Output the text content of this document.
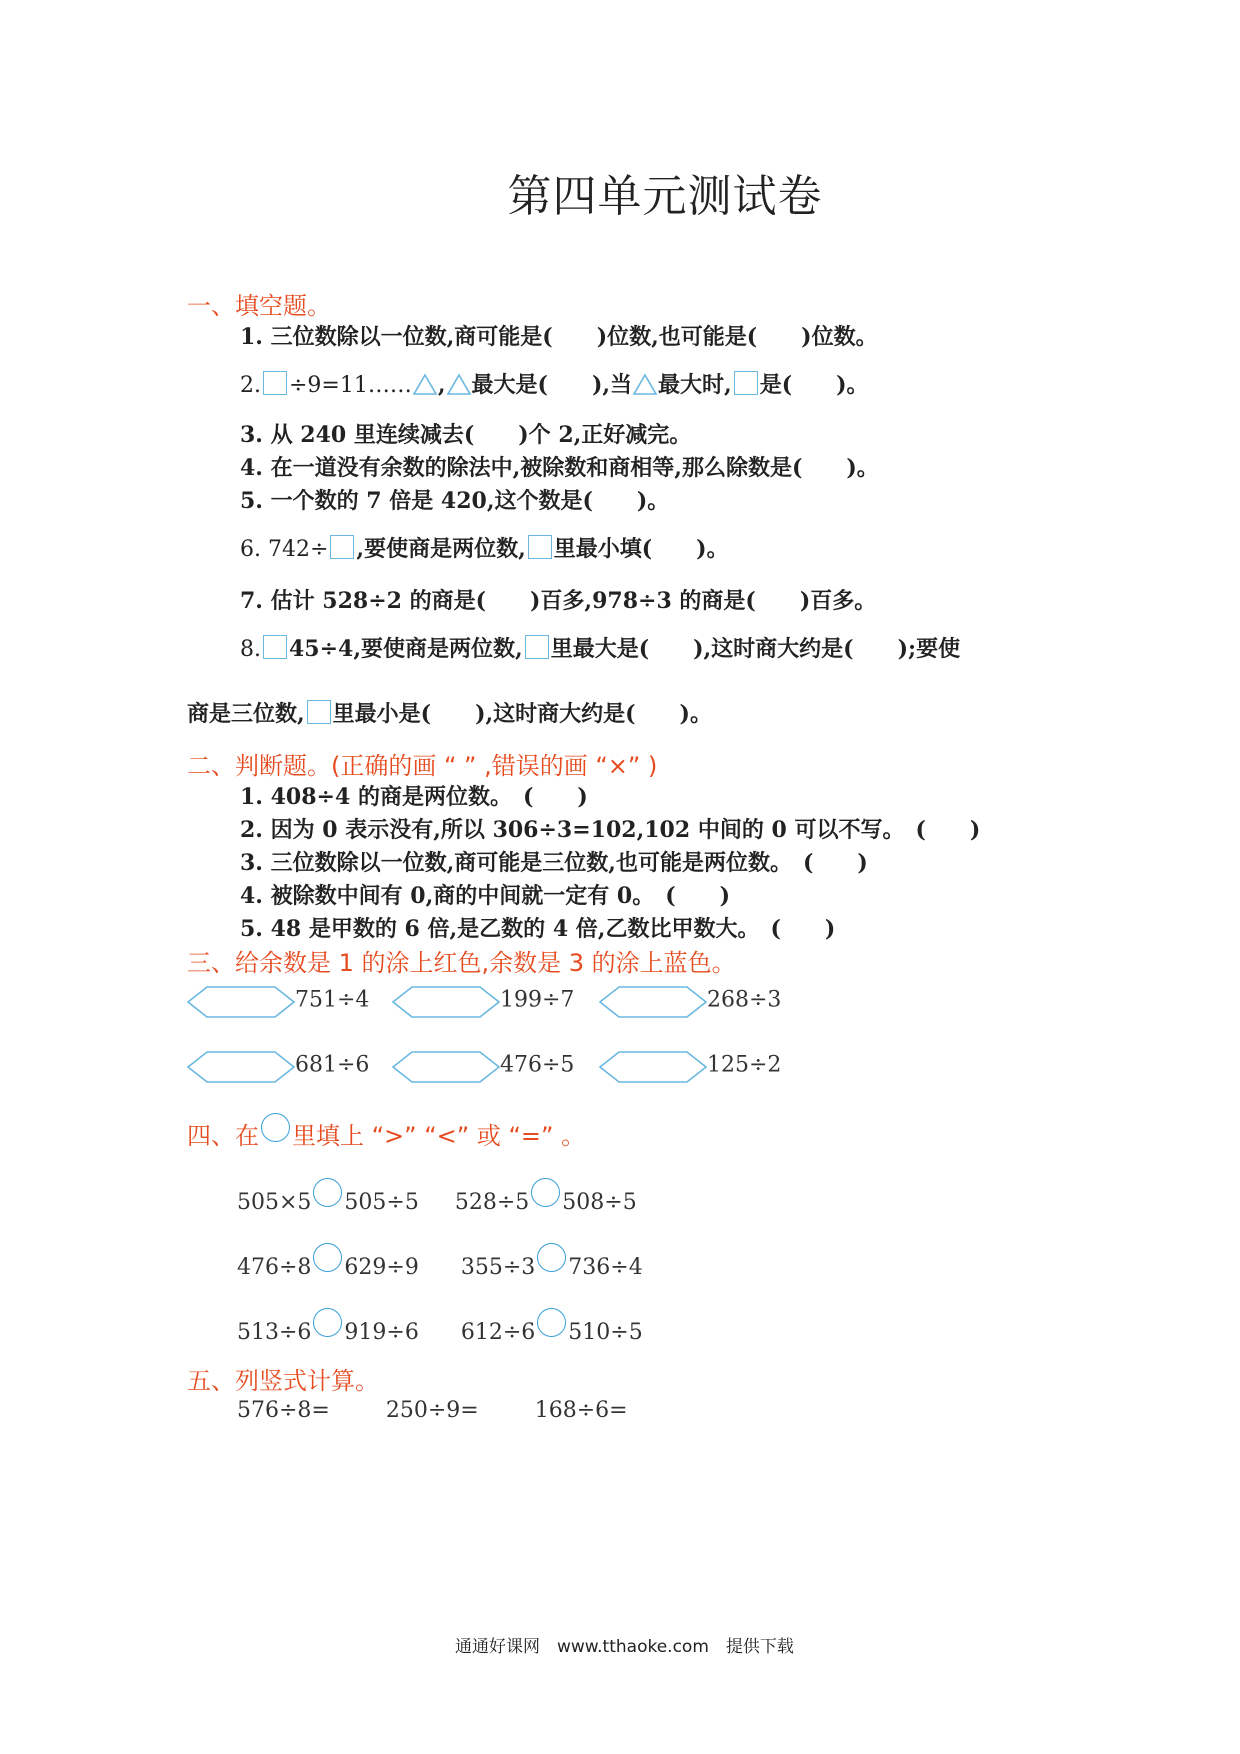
第四单元测试卷
一、填空题。
1. 三位数除以一位数,商可能是(　　)位数,也可能是(　　)位数。
2. ÷9=11…… , 最大是(　　),当 最大时, 是(　　)。
3. 从 240 里连续减去(　　)个 2,正好减完。
4. 在一道没有余数的除法中,被除数和商相等,那么除数是(　　)。
5. 一个数的 7 倍是 420,这个数是(　　)。
6. 742÷ ,要使商是两位数, 里最小填(　　)。
7. 估计 528÷2 的商是(　　)百多,978÷3 的商是(　　)百多。
8. 45÷4,要使商是两位数, 里最大是(　　),这时商大约是(　　);要使
商是三位数, 里最小是(　　),这时商大约是(　　)。
二、判断题。(正确的画 “ ” ,错误的画 “×” )
1. 408÷4 的商是两位数。　(　　)
2. 因为 0 表示没有,所以 306÷3=102,102 中间的 0 可以不写。　(　　)
3. 三位数除以一位数,商可能是三位数,也可能是两位数。　(　　)
4. 被除数中间有 0,商的中间就一定有 0。　(　　)
5. 48 是甲数的 6 倍,是乙数的 4 倍,乙数比甲数大。　(　　)
三、给余数是 1 的涂上红色,余数是 3 的涂上蓝色。
751÷4	199÷7	268÷3
681÷6	476÷5	125÷2
四、在 里填上 “>” “<” 或 “=” 。
505×5 505÷5 528÷5 508÷5
476÷8 629÷9 355÷3 736÷4
513÷6 919÷6 612÷6 510÷5
五、列竖式计算。
576÷8=	250÷9=	168÷6=
通通好课网　www.tthaoke.com　提供下载
